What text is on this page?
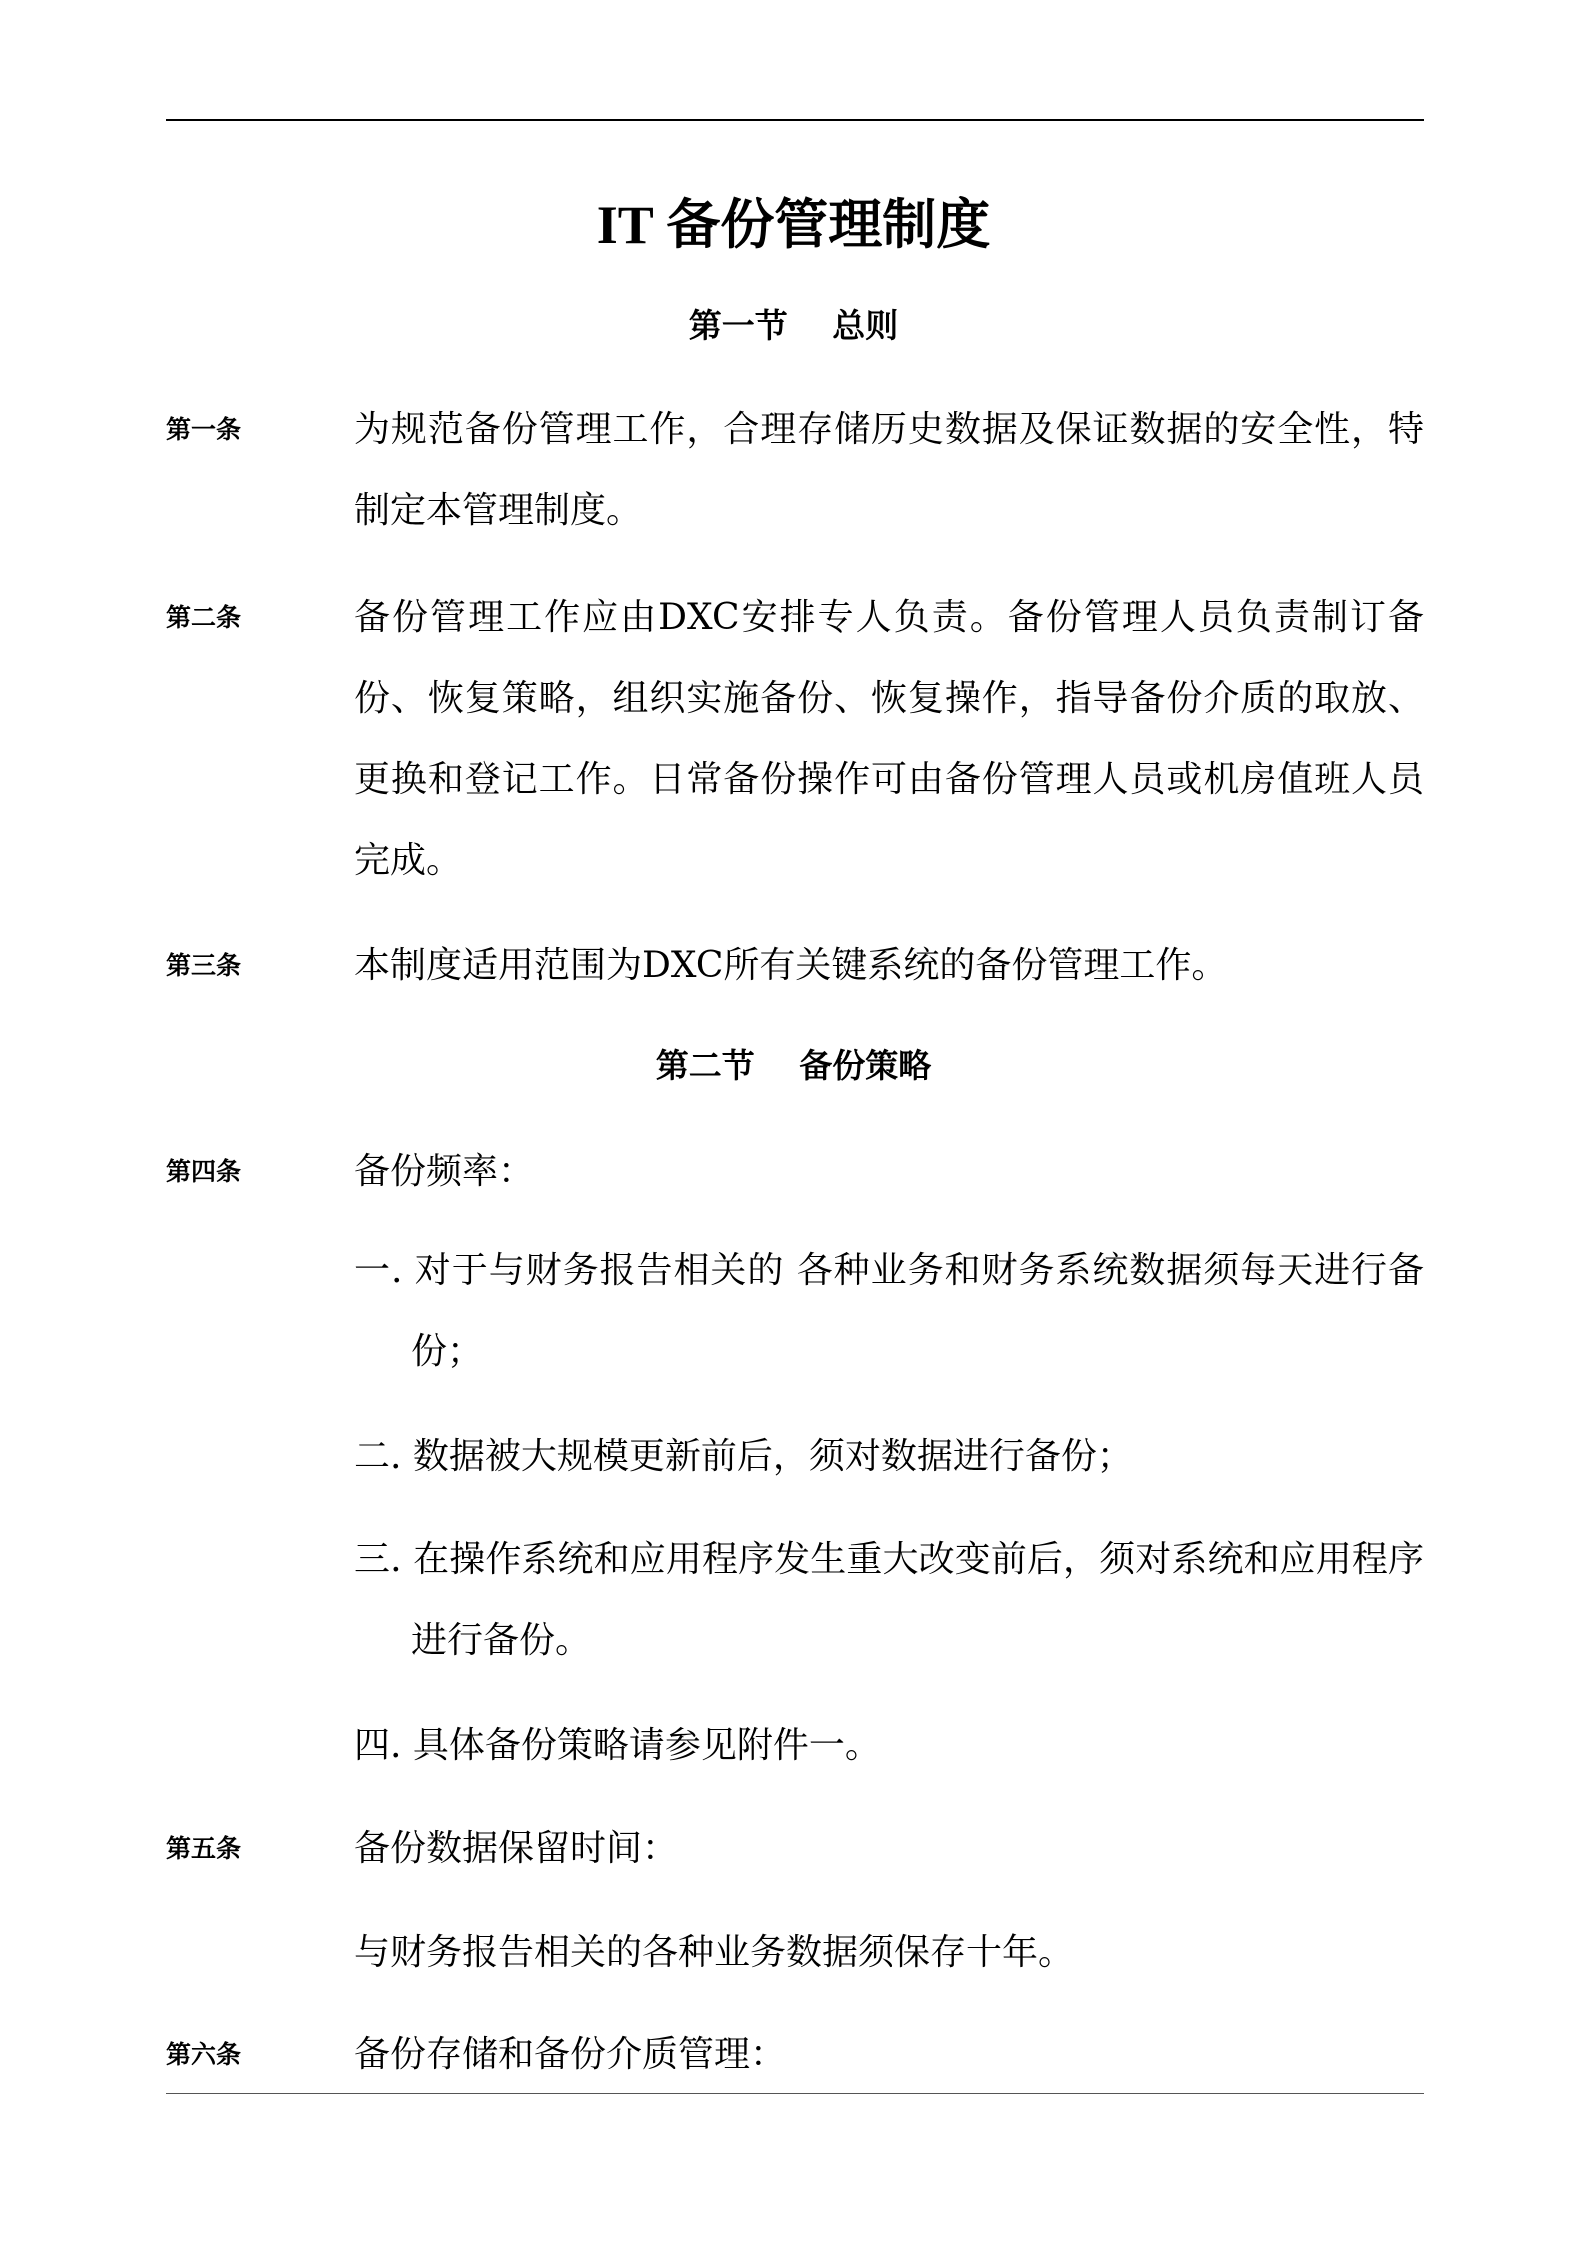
IT 备份管理制度
第一节　 总则
第一条	为规范备份管理工作，合理存储历史数据及保证数据的安全性，特制定本管理制度。
第二条	备份管理工作应由DXC安排专人负责。备份管理人员负责制订备份、恢复策略，组织实施备份、恢复操作，指导备份介质的取放、更换和登记工作。日常备份操作可由备份管理人员或机房值班人员完成。
第三条	本制度适用范围为DXC所有关键系统的备份管理工作。
第二节　 备份策略
第四条	备份频率：
一. 对于与财务报告相关的 各种业务和财务系统数据须每天进行备份；
二. 数据被大规模更新前后，须对数据进行备份；
三. 在操作系统和应用程序发生重大改变前后，须对系统和应用程序进行备份。
四. 具体备份策略请参见附件一。
第五条	备份数据保留时间：
与财务报告相关的各种业务数据须保存十年。
第六条	备份存储和备份介质管理：
